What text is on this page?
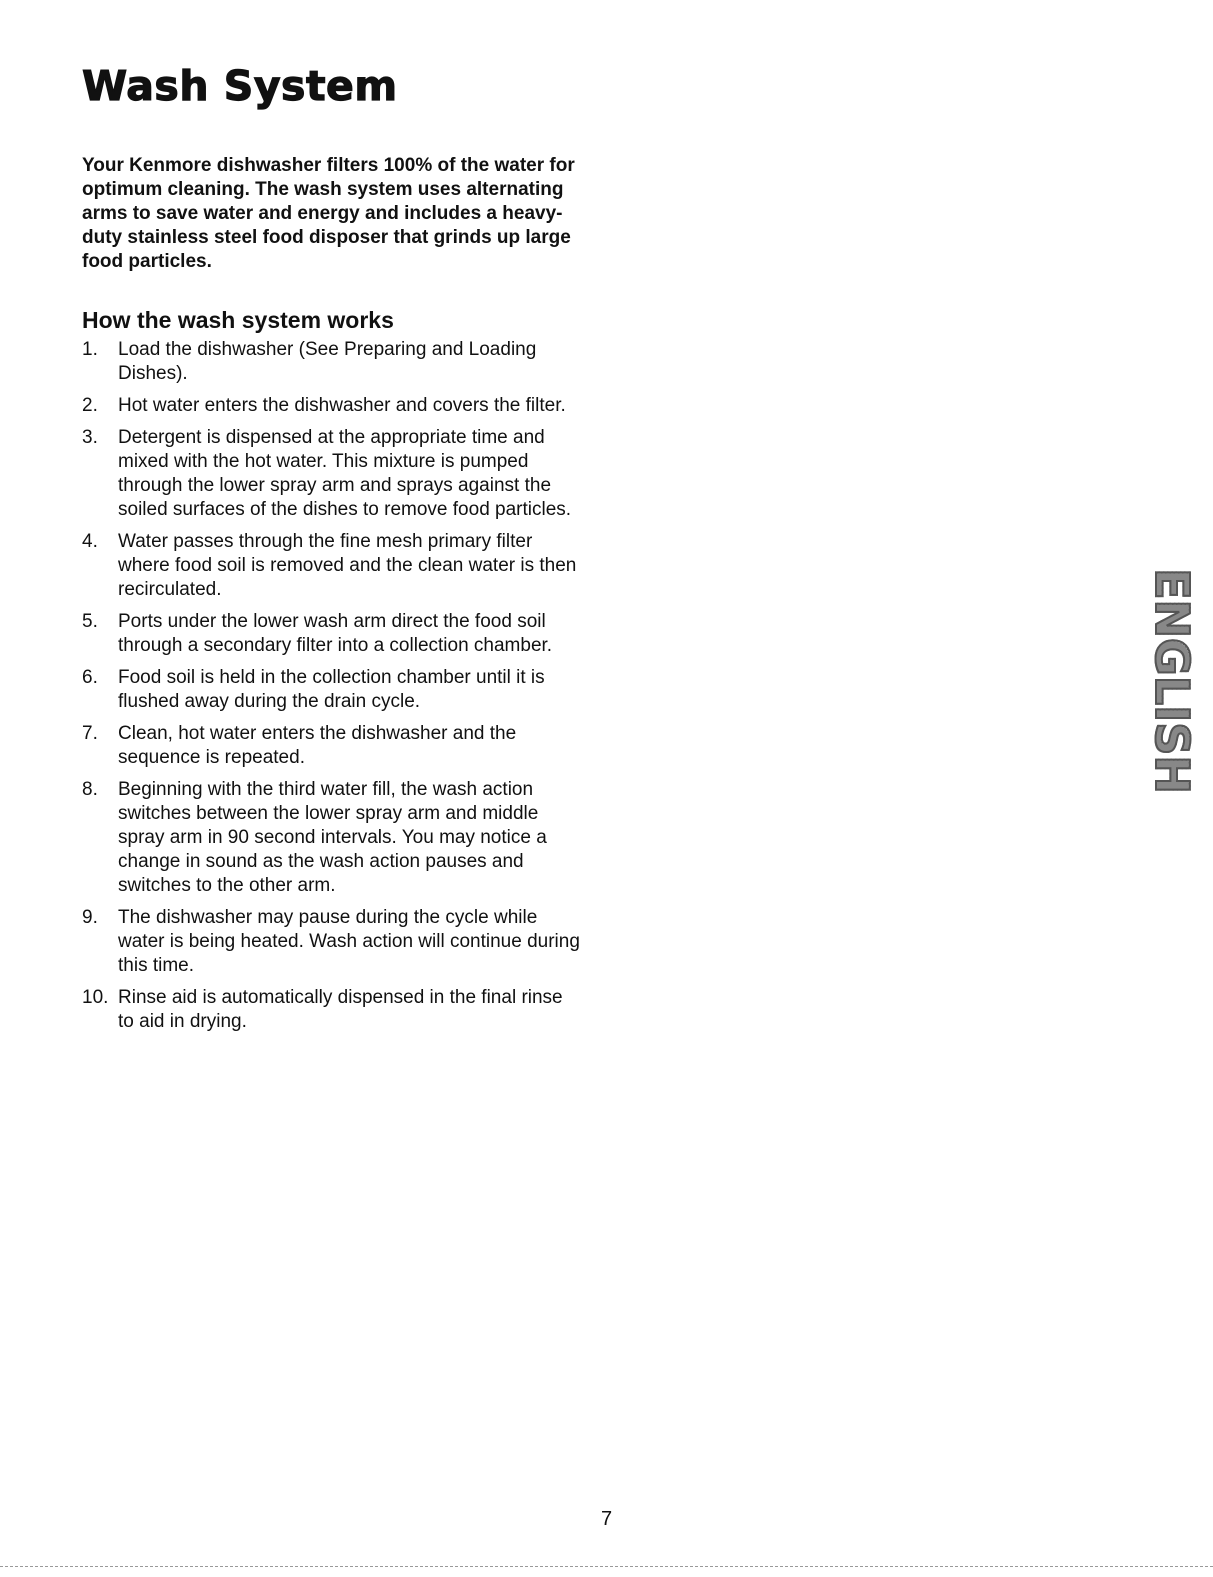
Wash System

Your Kenmore dishwasher filters 100% of the water for optimum cleaning. The wash system uses alternating arms to save water and energy and includes a heavy-duty stainless steel food disposer that grinds up large food particles.

How the wash system works
1.	Load the dishwasher (See Preparing and Loading Dishes).
2.	Hot water enters the dishwasher and covers the filter.
3.	Detergent is dispensed at the appropriate time and mixed with the hot water. This mixture is pumped through the lower spray arm and sprays against the soiled surfaces of the dishes to remove food particles.
4.	Water passes through the fine mesh primary filter where food soil is removed and the clean water is then recirculated.
5.	Ports under the lower wash arm direct the food soil through a secondary filter into a collection chamber.
6.	Food soil is held in the collection chamber until it is flushed away during the drain cycle.
7.	Clean, hot water enters the dishwasher and the sequence is repeated.
8.	Beginning with the third water fill, the wash action switches between the lower spray arm and middle spray arm in 90 second intervals. You may notice a change in sound as the wash action pauses and switches to the other arm.
9.	The dishwasher may pause during the cycle while water is being heated. Wash action will continue during this time.
10. Rinse aid is automatically dispensed in the final rinse to aid in drying.
ENGLISH
7
